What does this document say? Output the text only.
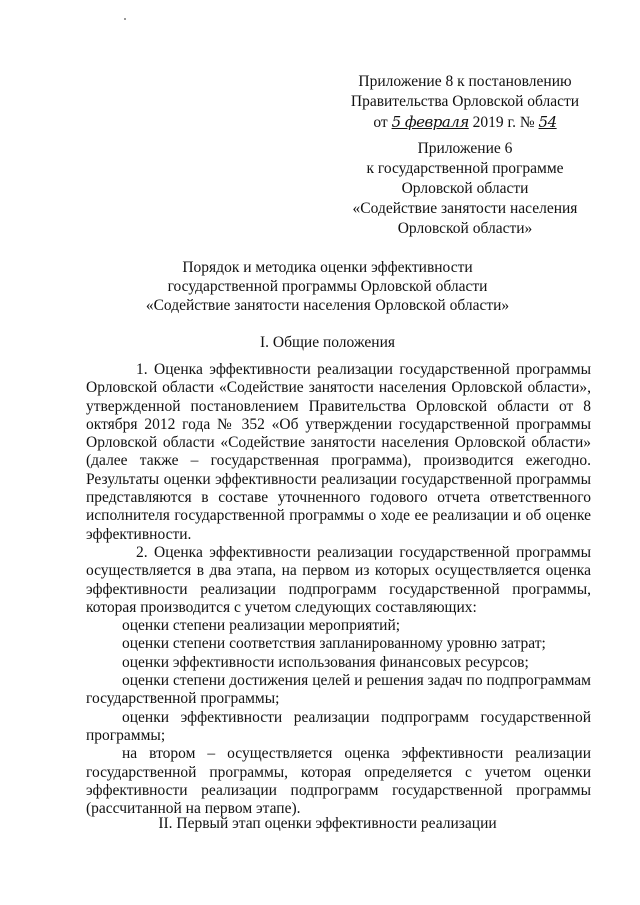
Приложение 8 к постановлению
Правительства Орловской области
от 5 февраля 2019 г. № 54
Приложение 6
к государственной программе
Орловской области
«Содействие занятости населения
Орловской области»
Порядок и методика оценки эффективности
государственной программы Орловской области
«Содействие занятости населения Орловской области»
I. Общие положения

1. Оценка эффективности реализации государственной программы Орловской области «Содействие занятости населения Орловской области», утвержденной постановлением Правительства Орловской области от 8 октября 2012 года № 352 «Об утверждении государственной программы Орловской области «Содействие занятости населения Орловской области» (далее также – государственная программа), производится ежегодно. Результаты оценки эффективности реализации государственной программы представляются в составе уточненного годового отчета ответственного исполнителя государственной программы о ходе ее реализации и об оценке эффективности.

2. Оценка эффективности реализации государственной программы осуществляется в два этапа, на первом из которых осуществляется оценка эффективности реализации подпрограмм государственной программы, которая производится с учетом следующих составляющих:

оценки степени реализации мероприятий;

оценки степени соответствия запланированному уровню затрат;

оценки эффективности использования финансовых ресурсов;

оценки степени достижения целей и решения задач по подпрограммам государственной программы;

оценки эффективности реализации подпрограмм государственной программы;

на втором – осуществляется оценка эффективности реализации государственной программы, которая определяется с учетом оценки эффективности реализации подпрограмм государственной программы (рассчитанной на первом этапе).

II. Первый этап оценки эффективности реализации
